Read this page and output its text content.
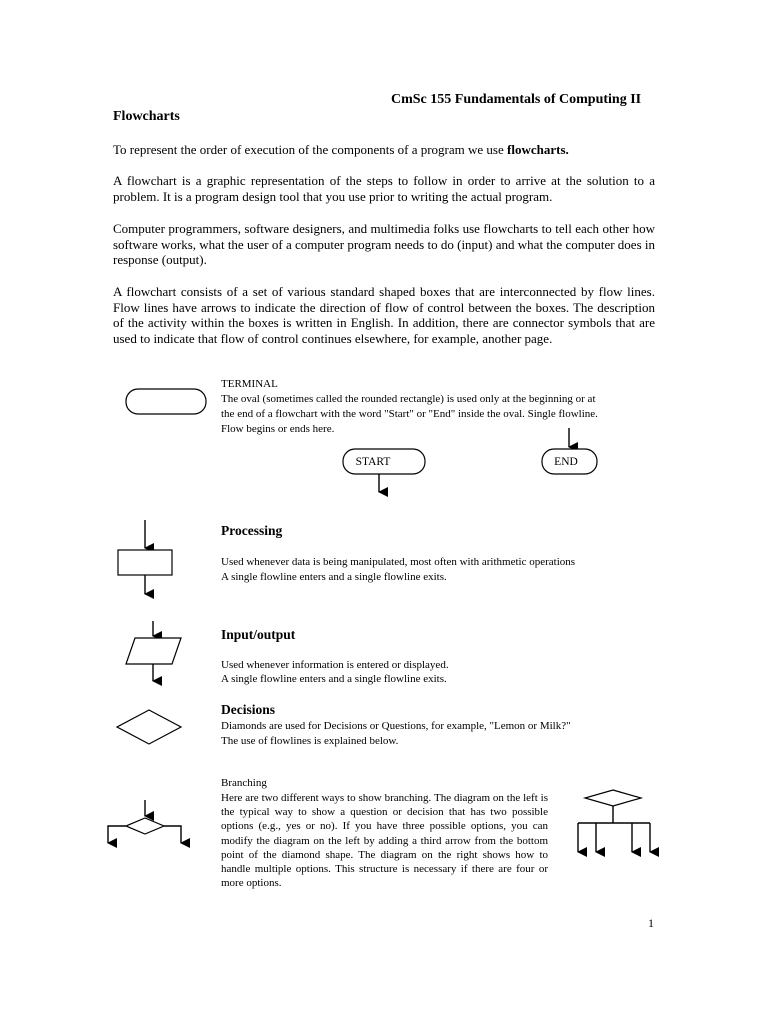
CmSc 155 Fundamentals of Computing II
Flowcharts

To represent the order of execution of the components of a program we use flowcharts.

A flowchart is a graphic representation of the steps to follow in order to arrive at the solution to a problem. It is a program design tool that you use prior to writing the actual program.

Computer programmers, software designers, and multimedia folks use flowcharts to tell each other how software works, what the user of a computer program needs to do (input) and what the computer does in response (output).

A flowchart consists of a set of various standard shaped boxes that are interconnected by flow lines. Flow lines have arrows to indicate the direction of flow of control between the boxes. The description of the activity within the boxes is written in English. In addition, there are connector symbols that are used to indicate that flow of control continues elsewhere, for example, another page.

TERMINAL
The oval (sometimes called the rounded rectangle) is used only at the beginning or at
the end of a flowchart with the word "Start" or "End" inside the oval. Single flowline.
Flow begins or ends here.
START	END
Processing
Used whenever data is being manipulated, most often with arithmetic operations
A single flowline enters and a single flowline exits.
Input/output
Used whenever information is entered or displayed.
A single flowline enters and a single flowline exits.
Decisions
Diamonds are used for Decisions or Questions, for example, "Lemon or Milk?"
The use of flowlines is explained below.
Branching
Here are two different ways to show branching. The diagram on the left is the typical way to show a question or decision that has two possible options (e.g., yes or no). If you have three possible options, you can modify the diagram on the left by adding a third arrow from the bottom point of the diamond shape. The diagram on the right shows how to handle multiple options. This structure is necessary if there are four or more options.
1
